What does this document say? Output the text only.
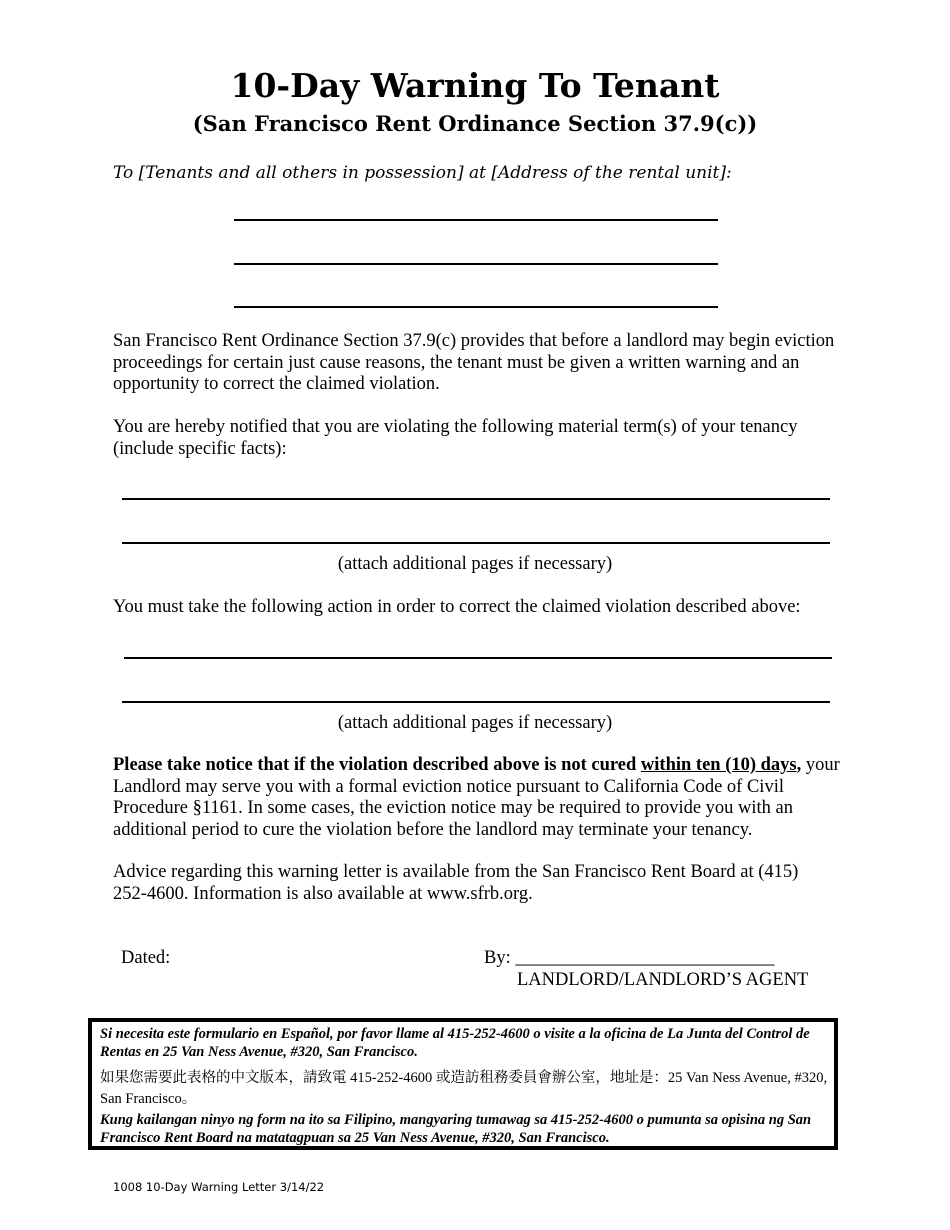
10-Day Warning To Tenant
(San Francisco Rent Ordinance Section 37.9(c))
To [Tenants and all others in possession] at [Address of the rental unit]:
San Francisco Rent Ordinance Section 37.9(c) provides that before a landlord may begin eviction proceedings for certain just cause reasons, the tenant must be given a written warning and an opportunity to correct the claimed violation.
You are hereby notified that you are violating the following material term(s) of your tenancy (include specific facts):
(attach additional pages if necessary)
You must take the following action in order to correct the claimed violation described above:
(attach additional pages if necessary)
Please take notice that if the violation described above is not cured within ten (10) days, your Landlord may serve you with a formal eviction notice pursuant to California Code of Civil Procedure §1161. In some cases, the eviction notice may be required to provide you with an additional period to cure the violation before the landlord may terminate your tenancy.
Advice regarding this warning letter is available from the San Francisco Rent Board at (415) 252-4600. Information is also available at www.sfrb.org.
Dated:	By: ____________________________
LANDLORD/LANDLORD’S AGENT
Si necesita este formulario en Español, por favor llame al 415-252-4600 o visite a la oficina de La Junta del Control de Rentas en 25 Van Ness Avenue, #320, San Francisco.
如果您需要此表格的中文版本，請致電 415-252-4600 或造訪租務委員會辦公室，地址是：25 Van Ness Avenue, #320, San Francisco。
Kung kailangan ninyo ng form na ito sa Filipino, mangyaring tumawag sa 415-252-4600 o pumunta sa opisina ng San Francisco Rent Board na matatagpuan sa 25 Van Ness Avenue, #320, San Francisco.
1008 10-Day Warning Letter 3/14/22
